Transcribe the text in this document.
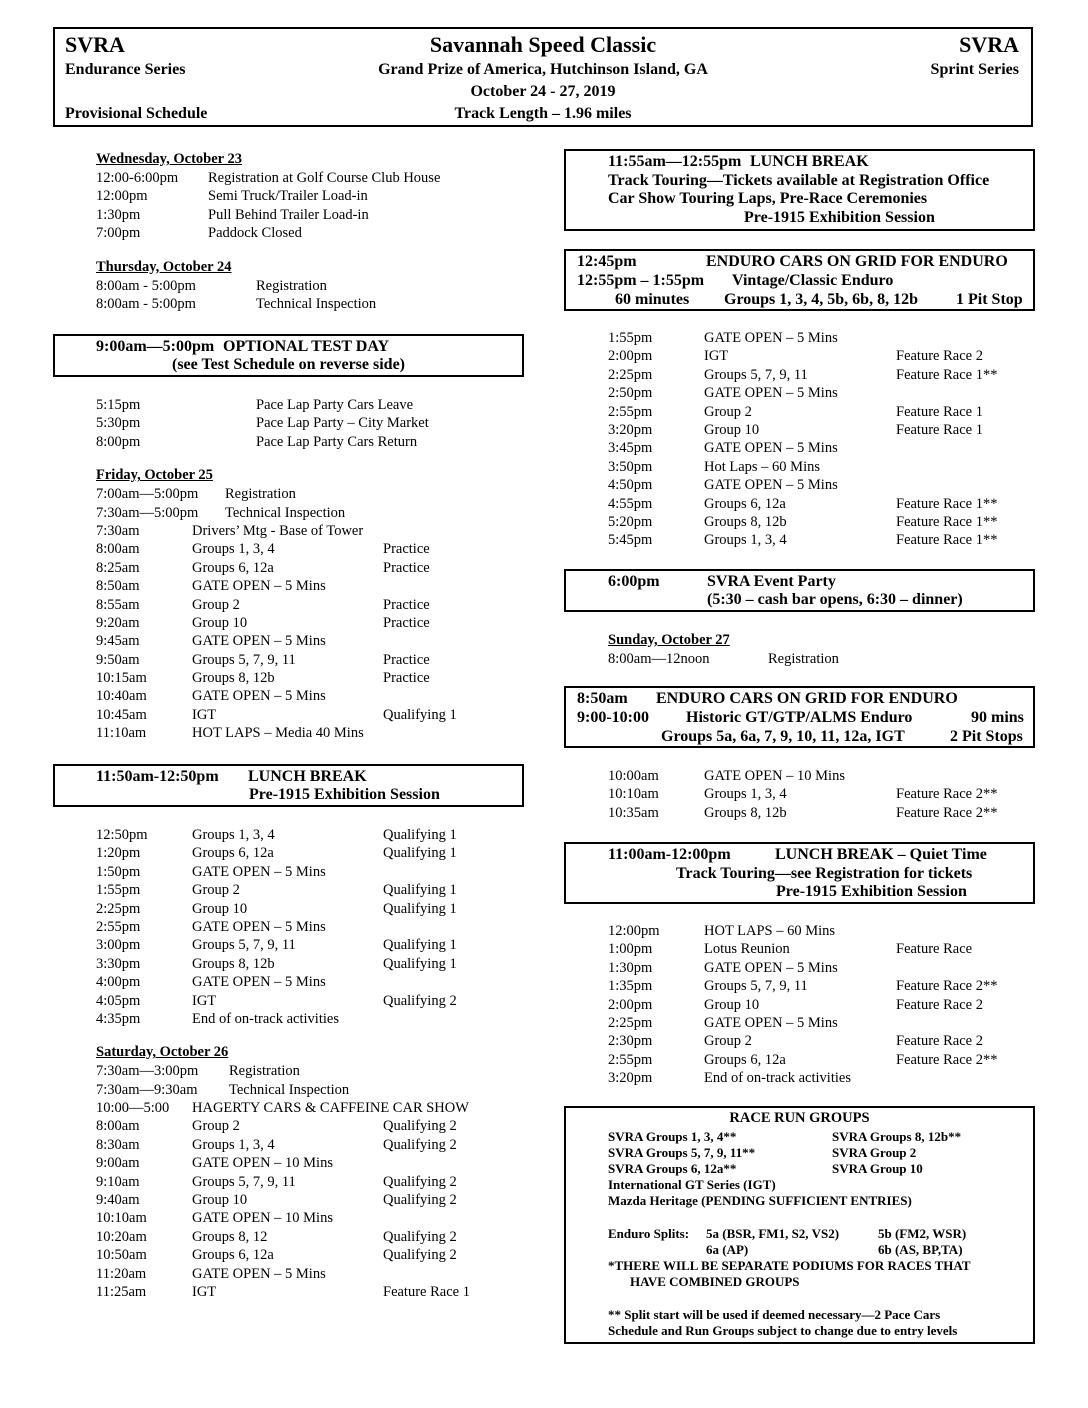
SVRA
Endurance Series
Savannah Speed Classic
Grand Prize of America, Hutchinson Island, GA
October 24 - 27, 2019
SVRA
Sprint Series
Provisional Schedule	Track Length – 1.96 miles
Wednesday, October 23
12:00-6:00pm Registration at Golf Course Club House
12:00pm	Semi Truck/Trailer Load-in
1:30pm	Pull Behind Trailer Load-in
7:00pm	Paddock Closed
Thursday, October 24
8:00am - 5:00pm	Registration
8:00am - 5:00pm	Technical Inspection
9:00am—5:00pm OPTIONAL TEST DAY
(see Test Schedule on reverse side)
5:15pm	Pace Lap Party Cars Leave
5:30pm	Pace Lap Party – City Market
8:00pm	Pace Lap Party Cars Return
Friday, October 25
7:00am—5:00pm Registration
7:30am—5:00pm Technical Inspection
7:30am	Drivers’ Mtg - Base of Tower
8:00am	Groups 1, 3, 4	Practice
8:25am	Groups 6, 12a	Practice
8:50am	GATE OPEN – 5 Mins
8:55am	Group 2	Practice
9:20am	Group 10	Practice
9:45am	GATE OPEN – 5 Mins
9:50am	Groups 5, 7, 9, 11	Practice
10:15am	Groups 8, 12b	Practice
10:40am	GATE OPEN – 5 Mins
10:45am	IGT	Qualifying 1
11:10am	HOT LAPS – Media 40 Mins
11:50am-12:50pm LUNCH BREAK
Pre-1915 Exhibition Session
12:50pm	Groups 1, 3, 4	Qualifying 1
1:20pm	Groups 6, 12a	Qualifying 1
1:50pm	GATE OPEN – 5 Mins
1:55pm	Group 2	Qualifying 1
2:25pm	Group 10	Qualifying 1
2:55pm	GATE OPEN – 5 Mins
3:00pm	Groups 5, 7, 9, 11	Qualifying 1
3:30pm	Groups 8, 12b	Qualifying 1
4:00pm	GATE OPEN – 5 Mins
4:05pm	IGT	Qualifying 2
4:35pm	End of on-track activities
Saturday, October 26
7:30am—3:00pm Registration
7:30am—9:30am Technical Inspection
10:00—5:00 HAGERTY CARS & CAFFEINE CAR SHOW
8:00am	Group 2	Qualifying 2
8:30am	Groups 1, 3, 4	Qualifying 2
9:00am	GATE OPEN – 10 Mins
9:10am	Groups 5, 7, 9, 11	Qualifying 2
9:40am	Group 10	Qualifying 2
10:10am	GATE OPEN – 10 Mins
10:20am	Groups 8, 12	Qualifying 2
10:50am	Groups 6, 12a	Qualifying 2
11:20am	GATE OPEN – 5 Mins
11:25am	IGT	Feature Race 1
11:55am—12:55pm LUNCH BREAK
Track Touring—Tickets available at Registration Office
Car Show Touring Laps, Pre-Race Ceremonies
Pre-1915 Exhibition Session
12:45pm	ENDURO CARS ON GRID FOR ENDURO
12:55pm – 1:55pm Vintage/Classic Enduro
60 minutes Groups 1, 3, 4, 5b, 6b, 8, 12b 1 Pit Stop
1:55pm	GATE OPEN – 5 Mins
2:00pm	IGT	Feature Race 2
2:25pm	Groups 5, 7, 9, 11	Feature Race 1**
2:50pm	GATE OPEN – 5 Mins
2:55pm	Group 2	Feature Race 1
3:20pm	Group 10	Feature Race 1
3:45pm	GATE OPEN – 5 Mins
3:50pm	Hot Laps – 60 Mins
4:50pm	GATE OPEN – 5 Mins
4:55pm	Groups 6, 12a	Feature Race 1**
5:20pm	Groups 8, 12b	Feature Race 1**
5:45pm	Groups 1, 3, 4	Feature Race 1**
6:00pm	SVRA Event Party
(5:30 – cash bar opens, 6:30 – dinner)
Sunday, October 27
8:00am—12noon	Registration
8:50am ENDURO CARS ON GRID FOR ENDURO
9:00-10:00 Historic GT/GTP/ALMS Enduro	90 mins
Groups 5a, 6a, 7, 9, 10, 11, 12a, IGT	2 Pit Stops
10:00am	GATE OPEN – 10 Mins
10:10am	Groups 1, 3, 4	Feature Race 2**
10:35am	Groups 8, 12b	Feature Race 2**
11:00am-12:00pm	LUNCH BREAK – Quiet Time
Track Touring—see Registration for tickets
Pre-1915 Exhibition Session
12:00pm	HOT LAPS – 60 Mins
1:00pm	Lotus Reunion	Feature Race
1:30pm	GATE OPEN – 5 Mins
1:35pm	Groups 5, 7, 9, 11	Feature Race 2**
2:00pm	Group 10	Feature Race 2
2:25pm	GATE OPEN – 5 Mins
2:30pm	Group 2	Feature Race 2
2:55pm	Groups 6, 12a	Feature Race 2**
3:20pm	End of on-track activities
RACE RUN GROUPS
SVRA Groups 1, 3, 4**	SVRA Groups 8, 12b**
SVRA Groups 5, 7, 9, 11**	SVRA Group 2
SVRA Groups 6, 12a**	SVRA Group 10
International GT Series (IGT)
Mazda Heritage (PENDING SUFFICIENT ENTRIES)
Enduro Splits: 5a (BSR, FM1, S2, VS2)	5b (FM2, WSR)
6a (AP)	6b (AS, BP,TA)
*THERE WILL BE SEPARATE PODIUMS FOR RACES THAT
HAVE COMBINED GROUPS
** Split start will be used if deemed necessary—2 Pace Cars
Schedule and Run Groups subject to change due to entry levels
